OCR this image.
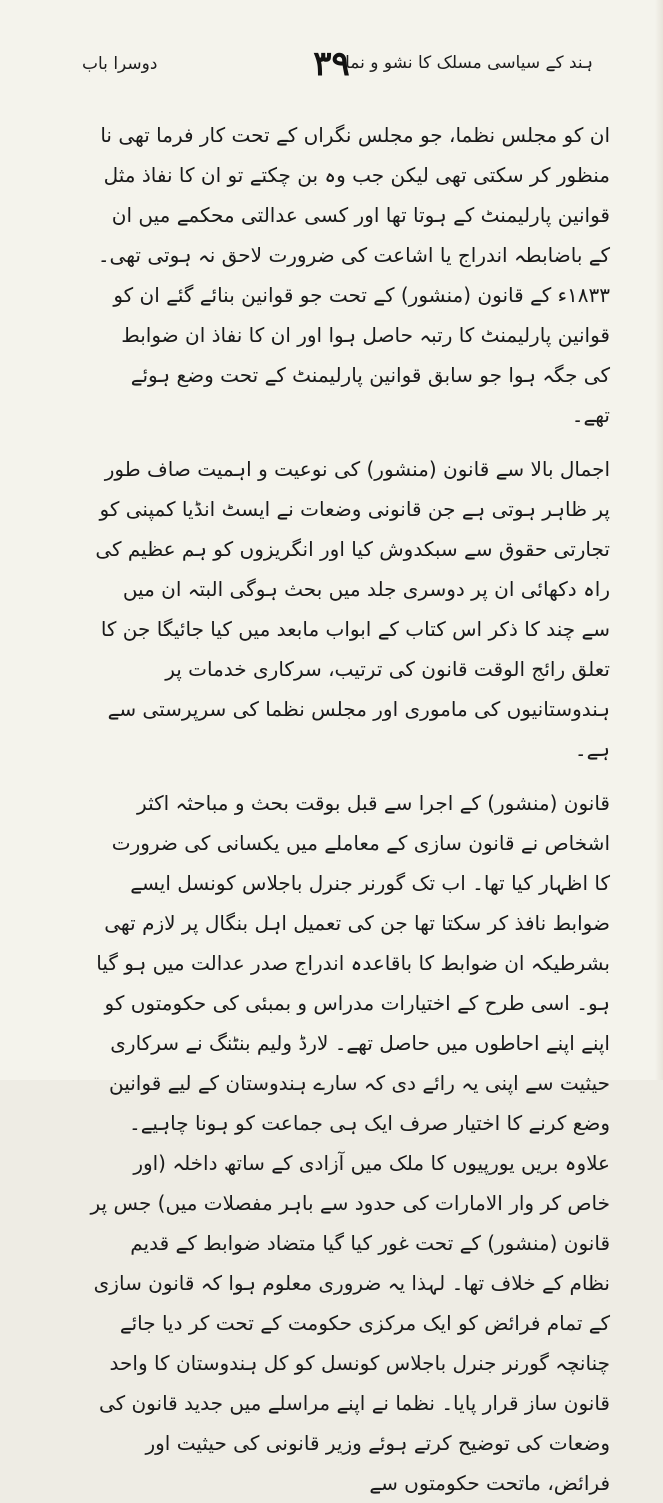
دوسرا باب	۳۹
ہند کے سیاسی مسلک کا نشو و نما

ان کو مجلس نظما، جو مجلس نگراں کے تحت کار فرما تھی نا منظور کر سکتی تھی لیکن جب وہ بن چکتے تو ان کا نفاذ مثل قوانین پارلیمنٹ کے ہوتا تھا اور کسی عدالتی محکمے میں ان کے باضابطہ اندراج یا اشاعت کی ضرورت لاحق نہ ہوتی تھی۔

۱۸۳۳ء کے قانون (منشور) کے تحت جو قوانین بنائے گئے ان کو قوانین پارلیمنٹ کا رتبہ حاصل ہوا اور ان کا نفاذ ان ضوابط کی جگہ ہوا جو سابق قوانین پارلیمنٹ کے تحت وضع ہوئے تھے۔

اجمال بالا سے قانون (منشور) کی نوعیت و اہمیت صاف طور پر ظاہر ہوتی ہے جن قانونی وضعات نے ایسٹ انڈیا کمپنی کو تجارتی حقوق سے سبکدوش کیا اور انگریزوں کو ہم عظیم کی راہ دکھائی ان پر دوسری جلد میں بحث ہوگی البتہ ان میں سے چند کا ذکر اس کتاب کے ابواب مابعد میں کیا جائیگا جن کا تعلق رائج الوقت قانون کی ترتیب، سرکاری خدمات پر ہندوستانیوں کی ماموری اور مجلس نظما کی سرپرستی سے ہے۔

قانون (منشور) کے اجرا سے قبل بوقت بحث و مباحثہ اکثر اشخاص نے قانون سازی کے معاملے میں یکسانی کی ضرورت کا اظہار کیا تھا۔ اب تک گورنر جنرل باجلاس کونسل ایسے ضوابط نافذ کر سکتا تھا جن کی تعمیل اہل بنگال پر لازم تھی بشرطیکہ ان ضوابط کا باقاعدہ اندراج صدر عدالت میں ہو گیا ہو۔ اسی طرح کے اختیارات مدراس و بمبئی کی حکومتوں کو اپنے اپنے احاطوں میں حاصل تھے۔ لارڈ ولیم بنٹنگ نے سرکاری حیثیت سے اپنی یہ رائے دی کہ سارے ہندوستان کے لیے قوانین وضع کرنے کا اختیار صرف ایک ہی جماعت کو ہونا چاہیے۔ علاوہ بریں یورپیوں کا ملک میں آزادی کے ساتھ داخلہ (اور خاص کر وار الامارات کی حدود سے باہر مفصلات میں) جس پر قانون (منشور) کے تحت غور کیا گیا متضاد ضوابط کے قدیم نظام کے خلاف تھا۔ لہذا یہ ضروری معلوم ہوا کہ قانون سازی کے تمام فرائض کو ایک مرکزی حکومت کے تحت کر دیا جائے چنانچہ گورنر جنرل باجلاس کونسل کو کل ہندوستان کا واحد قانون ساز قرار پایا۔ نظما نے اپنے مراسلے میں جدید قانون کی وضعات کی توضیح کرتے ہوئے وزیر قانونی کی حیثیت اور فرائض، ماتحت حکومتوں سے
